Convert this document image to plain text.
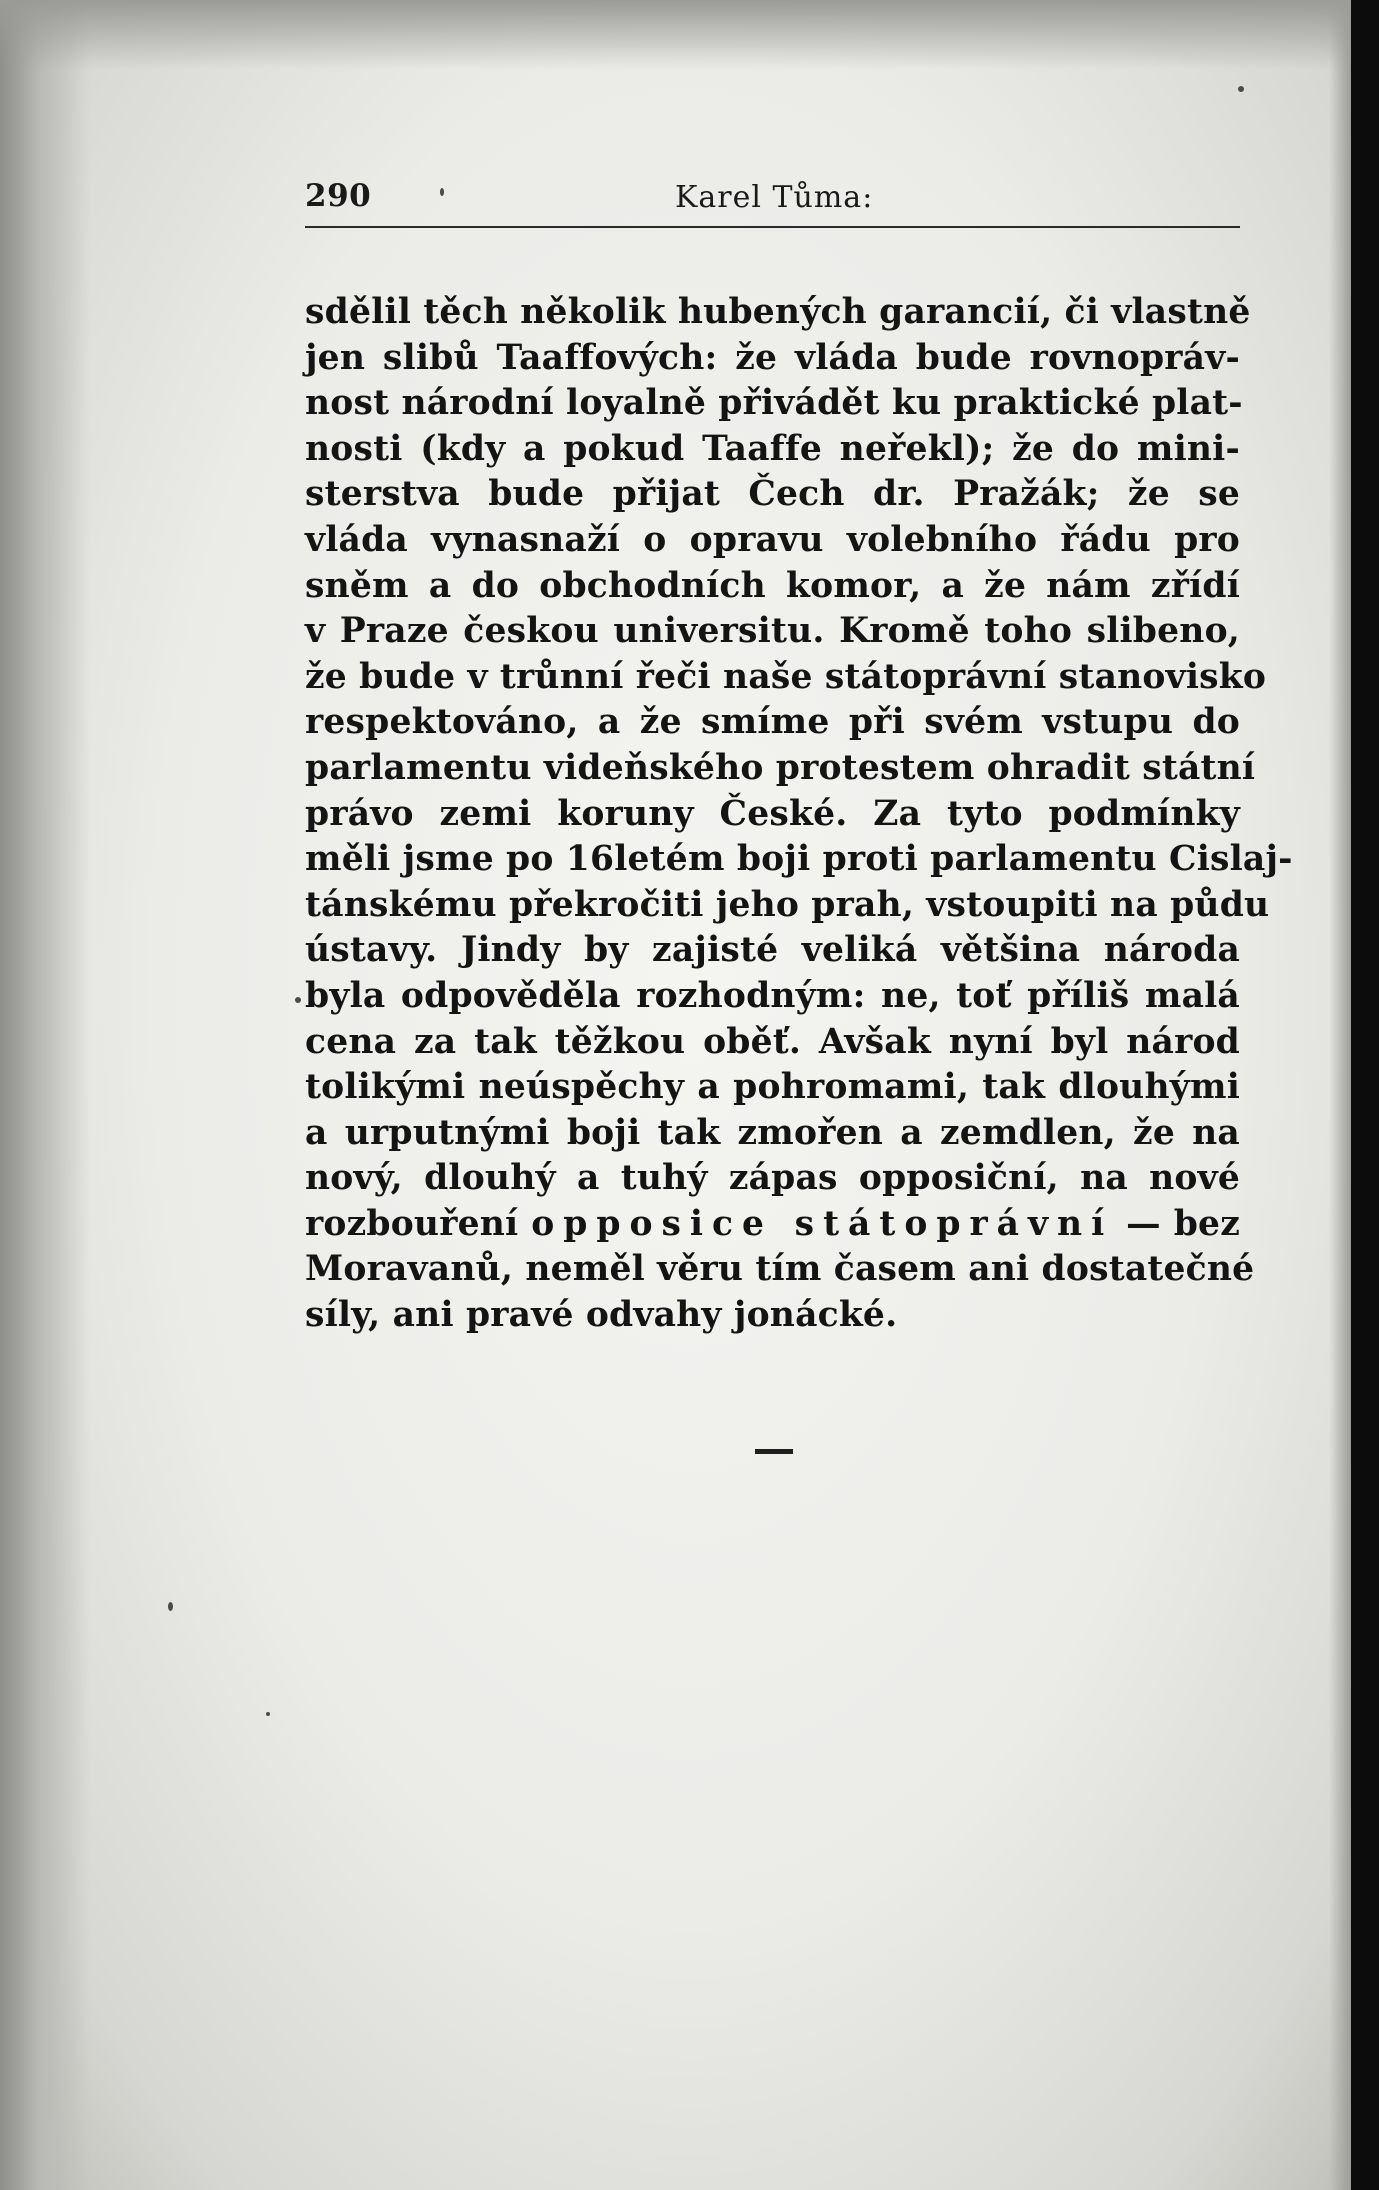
290	Karel Tůma:
sdělil těch několik hubených garancií, či vlastně
jen slibů Taaffových: že vláda bude rovnopráv-
nost národní loyalně přivádět ku praktické plat-
nosti (kdy a pokud Taaffe neřekl); že do mini-
sterstva bude přijat Čech dr. Pražák; že se
vláda vynasnaží o opravu volebního řádu pro
sněm a do obchodních komor, a že nám zřídí
v Praze českou universitu. Kromě toho slibeno,
že bude v trůnní řeči naše státoprávní stanovisko
respektováno, a že smíme při svém vstupu do
parlamentu videňského protestem ohradit státní
právo zemi koruny České. Za tyto podmínky
měli jsme po 16letém boji proti parlamentu Cislaj-
tánskému překročiti jeho prah, vstoupiti na půdu
ústavy. Jindy by zajisté veliká většina národa
byla odpověděla rozhodným: ne, toť příliš malá
cena za tak těžkou oběť. Avšak nyní byl národ
tolikými neúspěchy a pohromami, tak dlouhými
a urputnými boji tak zmořen a zemdlen, že na
nový, dlouhý a tuhý zápas opposiční, na nové
rozbouření opposice státoprávní — bez
Moravanů, neměl věru tím časem ani dostatečné
síly, ani pravé odvahy jonácké.
